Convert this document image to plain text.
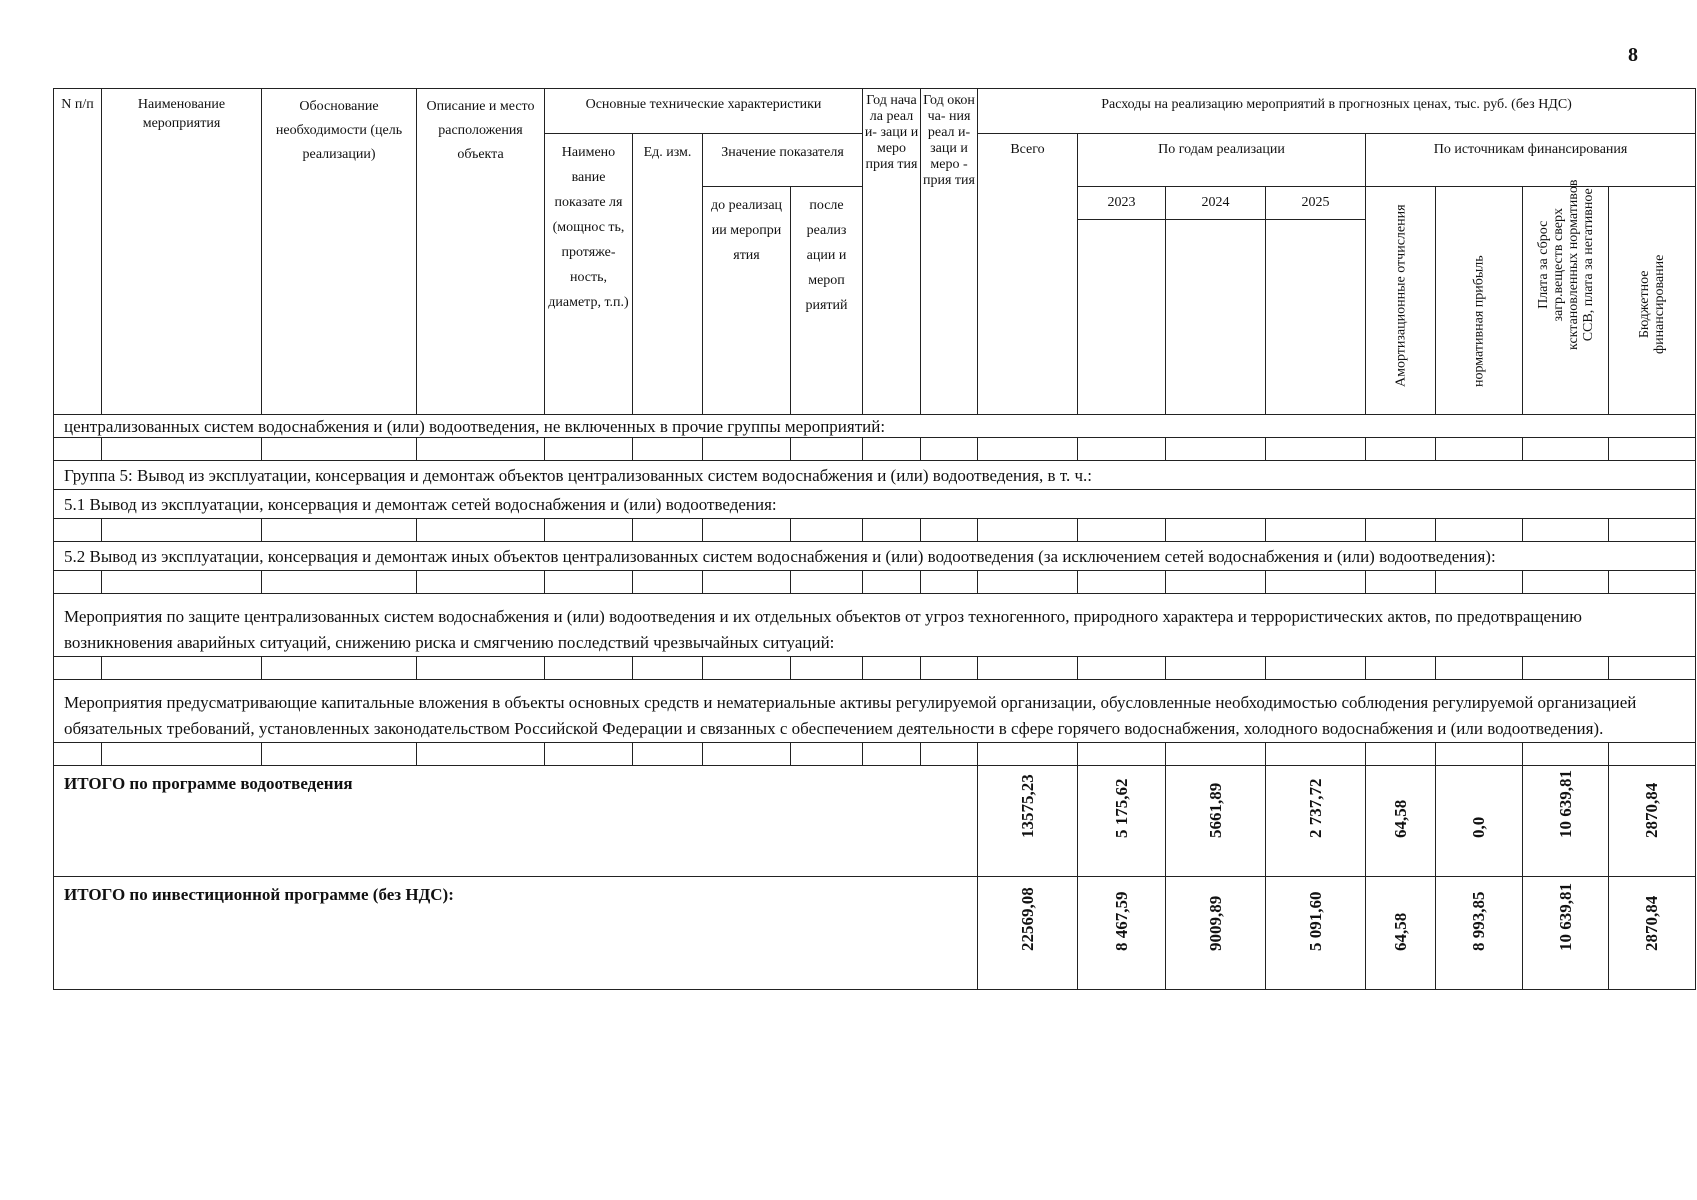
8
N п/п	Наименование мероприятия	Обоснование необходимости (цель реализации)	Описание и место расположения объекта	Основные технические характеристики				Год нача ла реал и- заци и меро прия тия	Год окон ча- ния реал и- заци и меро - прия тия	Расходы на реализацию мероприятий в прогнозных ценах, тыс. руб. (без НДС)							
				Наимено вание показате ля (мощнос ть, протяже- ность, диаметр, т.п.)	Ед. изм.	Значение показателя				Всего	По годам реализации			По источникам финансирования			
						до реализац ии меропри ятия	после реализ ации и мероп риятий				2023	2024	2025	Амортизационные отчисления	нормативная прибыль	Плата за сброс загр.веществ сверх ксктановленных нормативов ССВ, плата за негативное	Бюджетное финансирование

централизованных систем водоснабжения и (или) водоотведения, не включенных в прочие группы мероприятий:																	

Группа 5: Вывод из эксплуатации, консервация и демонтаж объектов централизованных систем водоснабжения и (или) водоотведения, в т. ч.:																	
5.1 Вывод из эксплуатации, консервация и демонтаж сетей водоснабжения и (или) водоотведения:																	

5.2 Вывод из эксплуатации, консервация и демонтаж иных объектов централизованных систем водоснабжения и (или) водоотведения (за исключением сетей водоснабжения и (или) водоотведения):																	

Мероприятия по защите централизованных систем водоснабжения и (или) водоотведения и их отдельных объектов от угроз техногенного, природного характера и террористических актов, по предотвращению возникновения аварийных ситуаций, снижению риска и смягчению последствий чрезвычайных ситуаций:																	

Мероприятия предусматривающие капитальные вложения в объекты основных средств и нематериальные активы регулируемой организации, обусловленные необходимостью соблюдения регулируемой организацией обязательных требований, установленных законодательством Российской Федерации и связанных с обеспечением деятельности в сфере горячего водоснабжения, холодного водоснабжения и (или водоотведения).																	

ИТОГО по программе водоотведения										13575,23	5 175,62	5661,89	2 737,72	64,58	0,0	10 639,81	2870,84

ИТОГО по инвестиционной программе (без НДС):										22569,08	8 467,59	9009,89	5 091,60	64,58	8 993,85	10 639,81	2870,84
